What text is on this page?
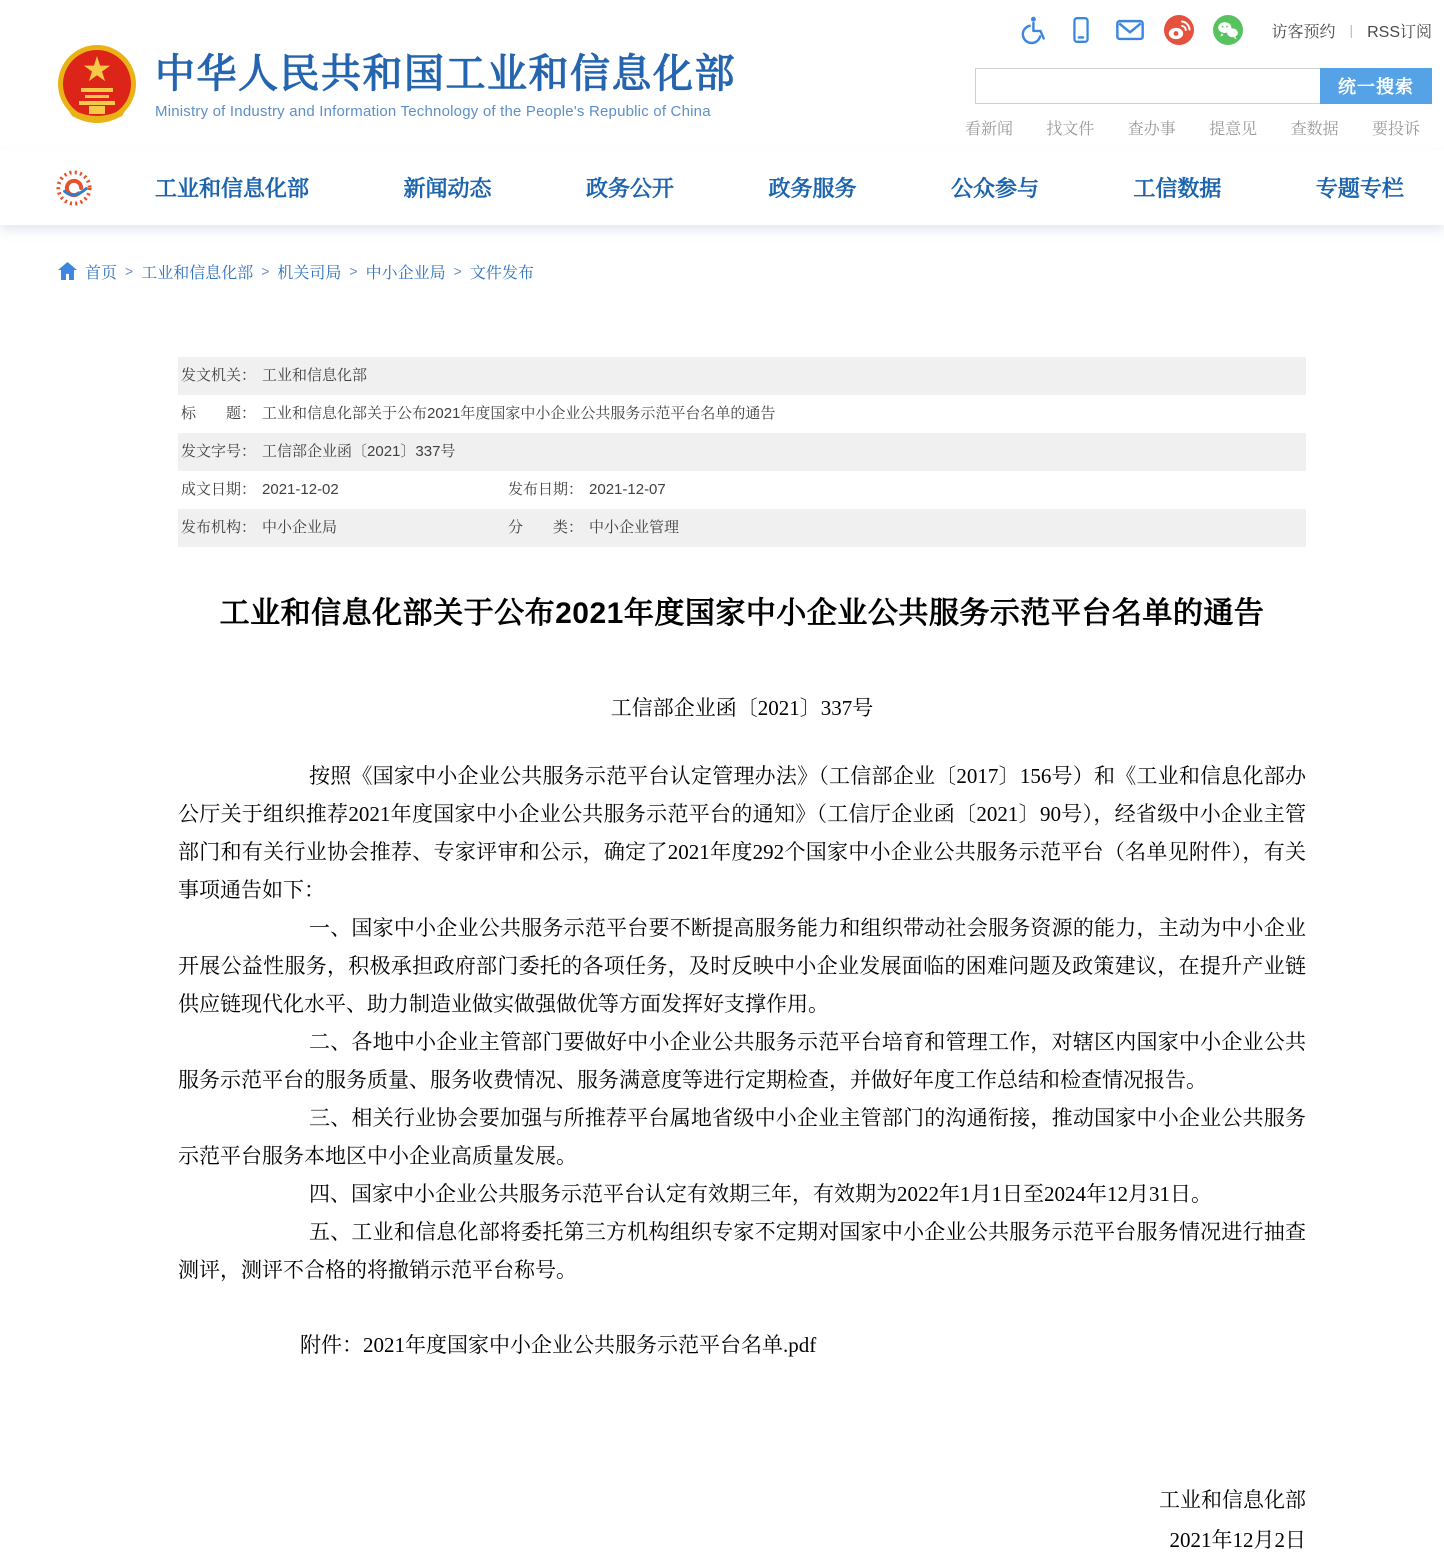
中华人民共和国工业和信息化部
Ministry of Industry and Information Technology of the People's Republic of China
访客预约 | RSS订阅
统一搜索
看新闻 找文件 查办事 提意见 查数据 要投诉
工业和信息化部	新闻动态	政务公开	政务服务	公众参与	工信数据	专题专栏
首页 > 工业和信息化部 > 机关司局 > 中小企业局 > 文件发布
发文机关： 工业和信息化部
标　　题： 工业和信息化部关于公布2021年度国家中小企业公共服务示范平台名单的通告
发文字号： 工信部企业函〔2021〕337号
成文日期： 2021-12-02	发布日期： 2021-12-07
发布机构： 中小企业局	分　　类： 中小企业管理
工业和信息化部关于公布2021年度国家中小企业公共服务示范平台名单的通告
工信部企业函〔2021〕337号

按照《国家中小企业公共服务示范平台认定管理办法》（工信部企业〔2017〕156号）和《工业和信息化部办公厅关于组织推荐2021年度国家中小企业公共服务示范平台的通知》（工信厅企业函〔2021〕90号），经省级中小企业主管部门和有关行业协会推荐、专家评审和公示，确定了2021年度292个国家中小企业公共服务示范平台（名单见附件），有关事项通告如下：

一、国家中小企业公共服务示范平台要不断提高服务能力和组织带动社会服务资源的能力，主动为中小企业开展公益性服务，积极承担政府部门委托的各项任务，及时反映中小企业发展面临的困难问题及政策建议，在提升产业链供应链现代化水平、助力制造业做实做强做优等方面发挥好支撑作用。

二、各地中小企业主管部门要做好中小企业公共服务示范平台培育和管理工作，对辖区内国家中小企业公共服务示范平台的服务质量、服务收费情况、服务满意度等进行定期检查，并做好年度工作总结和检查情况报告。

三、相关行业协会要加强与所推荐平台属地省级中小企业主管部门的沟通衔接，推动国家中小企业公共服务示范平台服务本地区中小企业高质量发展。

四、国家中小企业公共服务示范平台认定有效期三年，有效期为2022年1月1日至2024年12月31日。

五、工业和信息化部将委托第三方机构组织专家不定期对国家中小企业公共服务示范平台服务情况进行抽查测评，测评不合格的将撤销示范平台称号。

附件：2021年度国家中小企业公共服务示范平台名单.pdf
工业和信息化部
2021年12月2日
